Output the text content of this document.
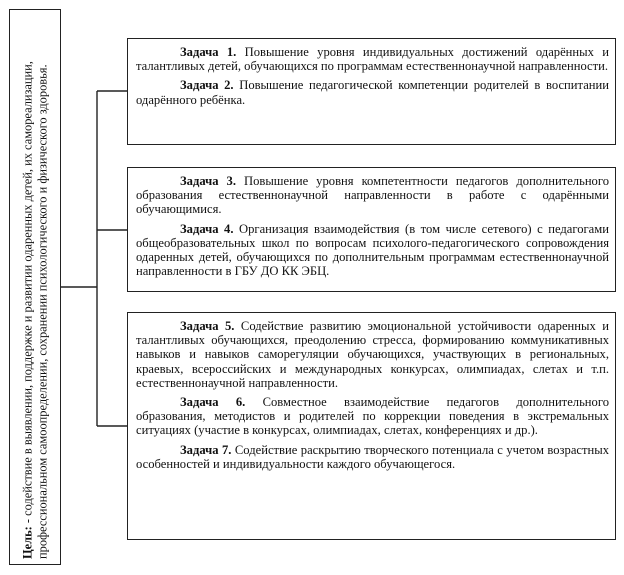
Цель: - содействие в выявлении, поддержке и развитии одаренных детей, их самореализации, профессиональном самоопределении, сохранении психологического и физического здоровья.

Задача 1. Повышение уровня индивидуальных достижений одарённых и талантливых детей, обучающихся по программам естественнонаучной направленности.

Задача 2. Повышение педагогической компетенции родителей в воспитании одарённого ребёнка.

Задача 3. Повышение уровня компетентности педагогов дополнительного образования естественнонаучной направленности в работе с одарёнными обучающимися.

Задача 4. Организация взаимодействия (в том числе сетевого) с педагогами общеобразовательных школ по вопросам психолого-педагогического сопровождения одаренных детей, обучающихся по дополнительным программам естественнонаучной направленности в ГБУ ДО КК ЭБЦ.

Задача 5. Содействие развитию эмоциональной устойчивости одаренных и талантливых обучающихся, преодолению стресса, формированию коммуникативных навыков и навыков саморегуляции обучающихся, участвующих в региональных, краевых, всероссийских и международных конкурсах, олимпиадах, слетах и т.п. естественнонаучной направленности.

Задача 6. Совместное взаимодействие педагогов дополнительного образования, методистов и родителей по коррекции поведения в экстремальных ситуациях (участие в конкурсах, олимпиадах, слетах, конференциях и др.).

Задача 7. Содействие раскрытию творческого потенциала с учетом возрастных особенностей и индивидуальности каждого обучающегося.
